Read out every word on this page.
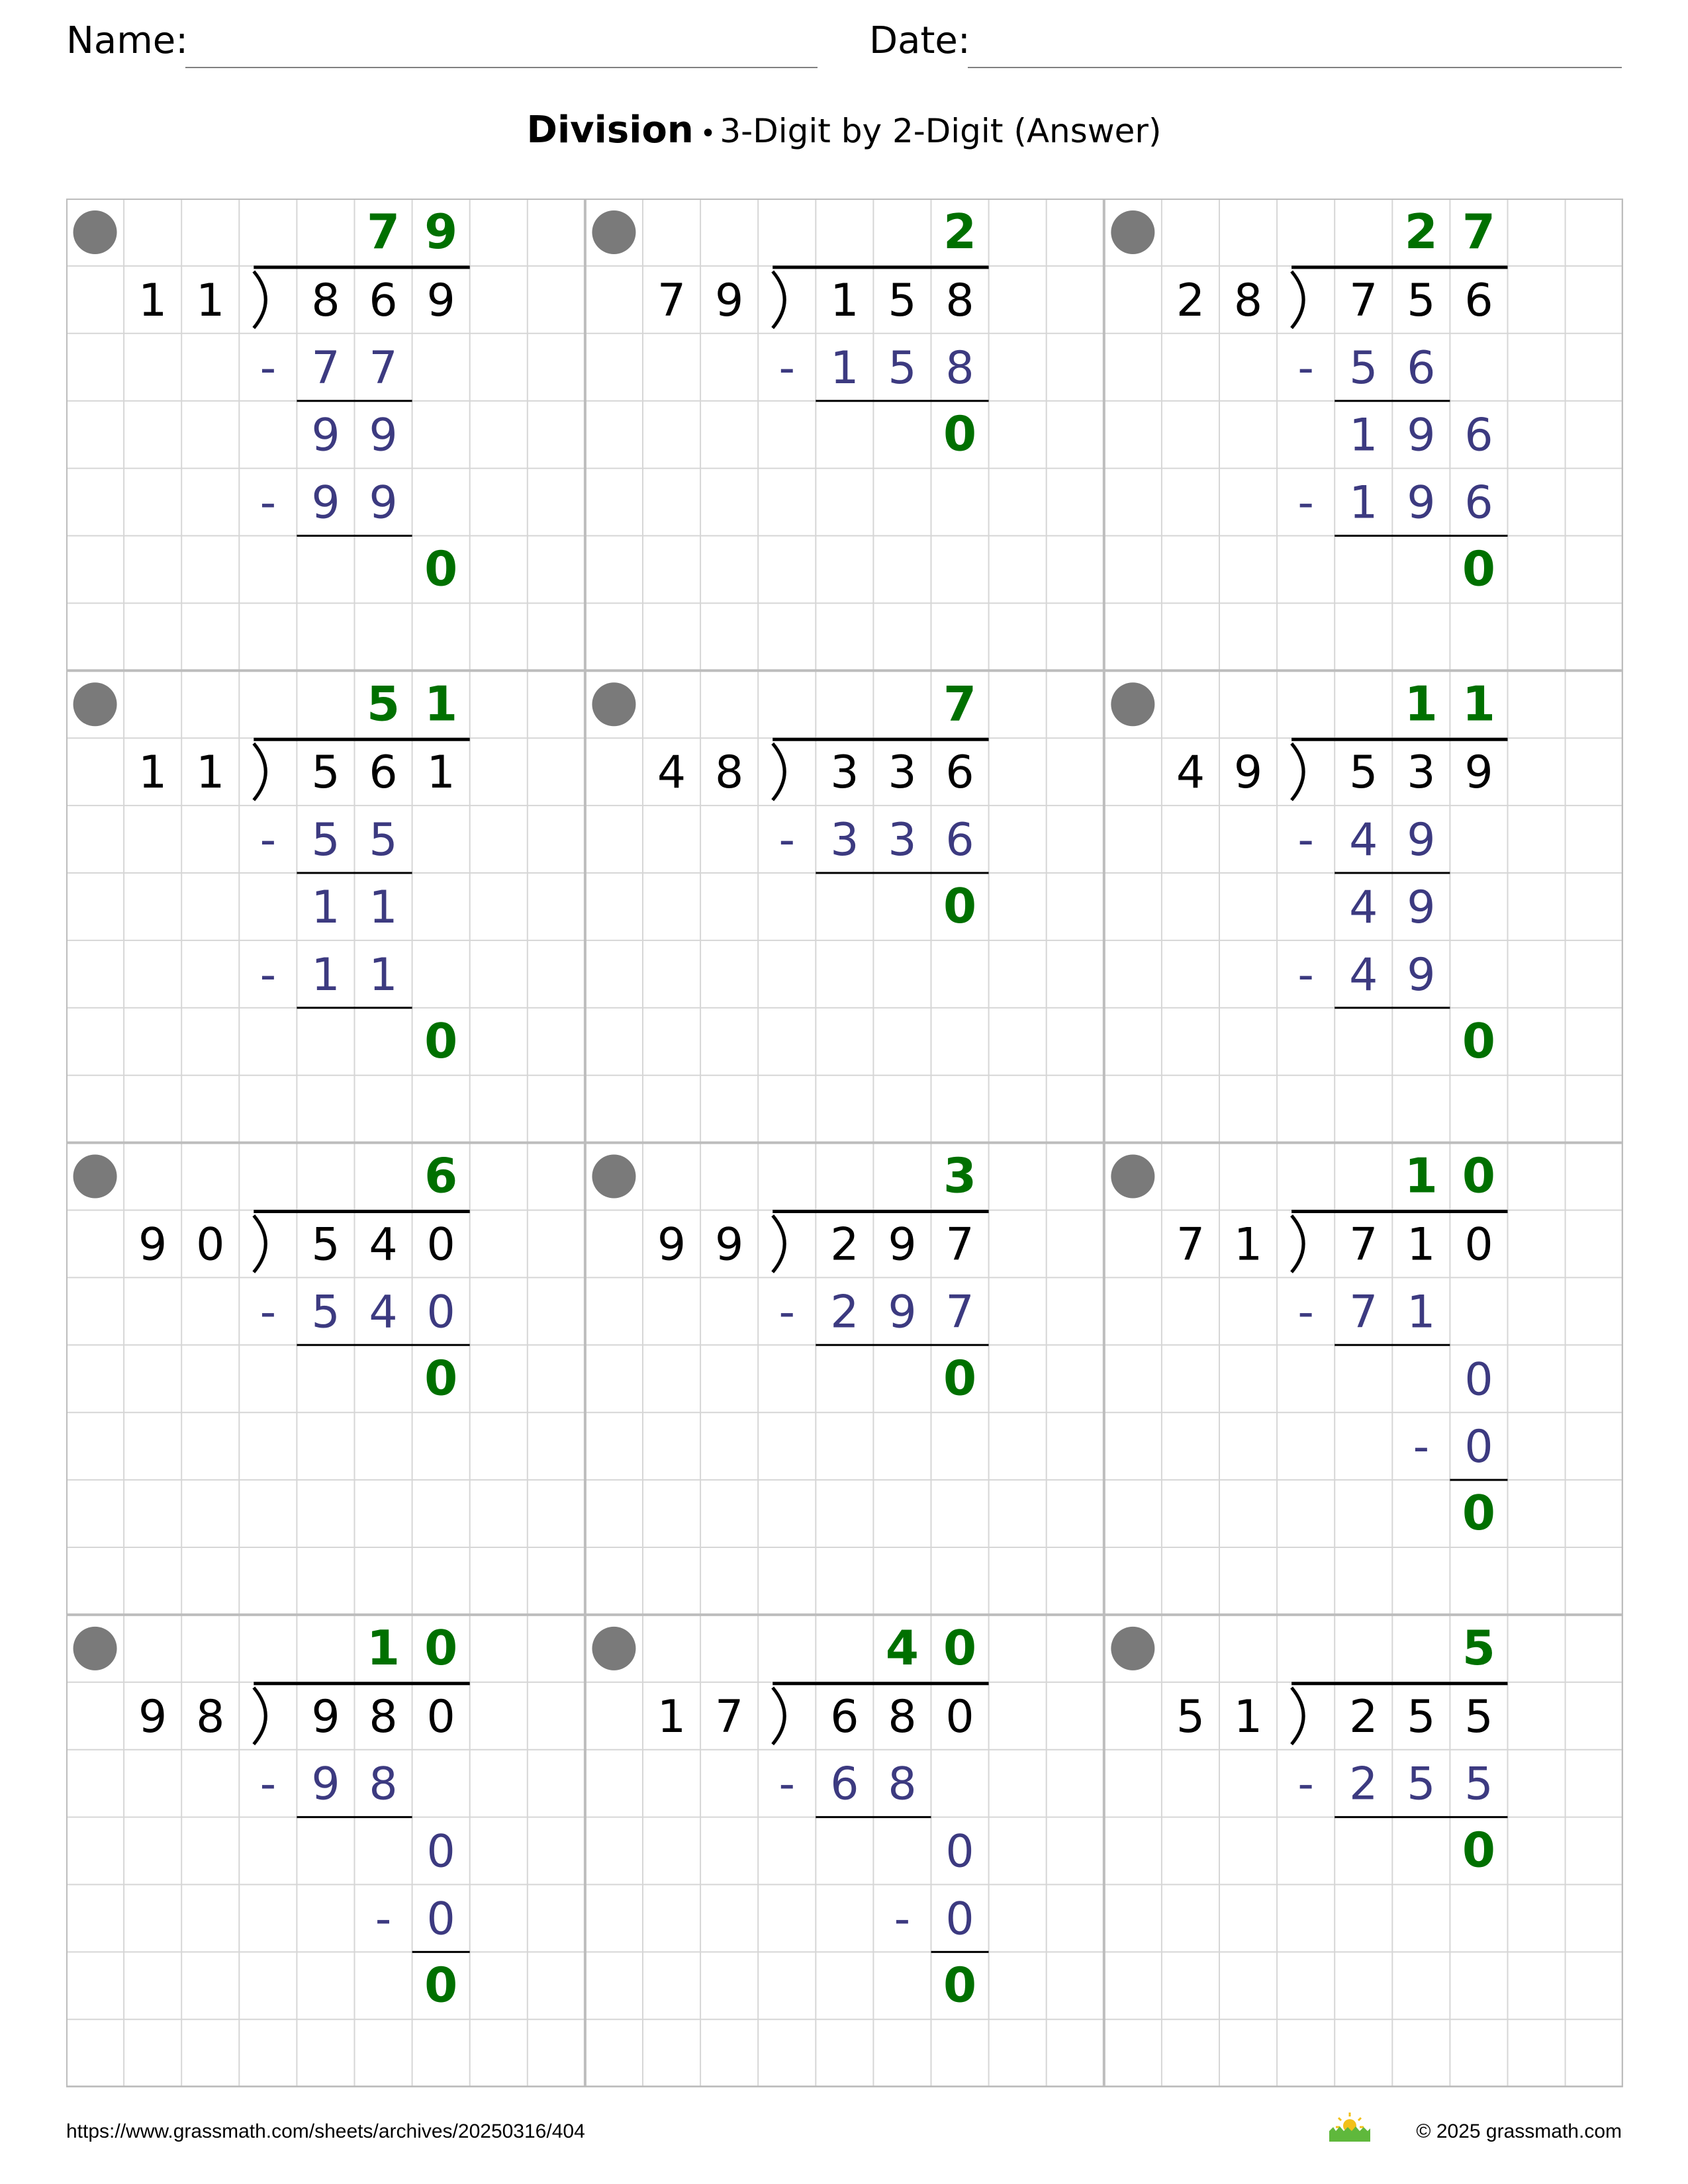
Name:	Date:
Division • 3-Digit by 2-Digit (Answer)
1 1 8 6 9
7 9
- 7 7
9 9
- 9 9
0
7 9 1 5 8
2
- 1 5 8
0
2 8 7 5 6
2 7
- 5 6
1 9 6
- 1 9 6
0
1 1 5 6 1
5 1
- 5 5
1 1
- 1 1
0
4 8 3 3 6
7
- 3 3 6
0
4 9 5 3 9
1 1
- 4 9
4 9
- 4 9
0
9 0 5 4 0
6
- 5 4 0
0
9 9 2 9 7
3
- 2 9 7
0
7 1 7 1 0
1 0
- 7 1
0
- 0
0
9 8 9 8 0
1 0
- 9 8
0
- 0
0
1 7 6 8 0
4 0
- 6 8
0
- 0
0
5 1 2 5 5
5
- 2 5 5
0
https://www.grassmath.com/sheets/archives/20250316/404	© 2025 grassmath.com
